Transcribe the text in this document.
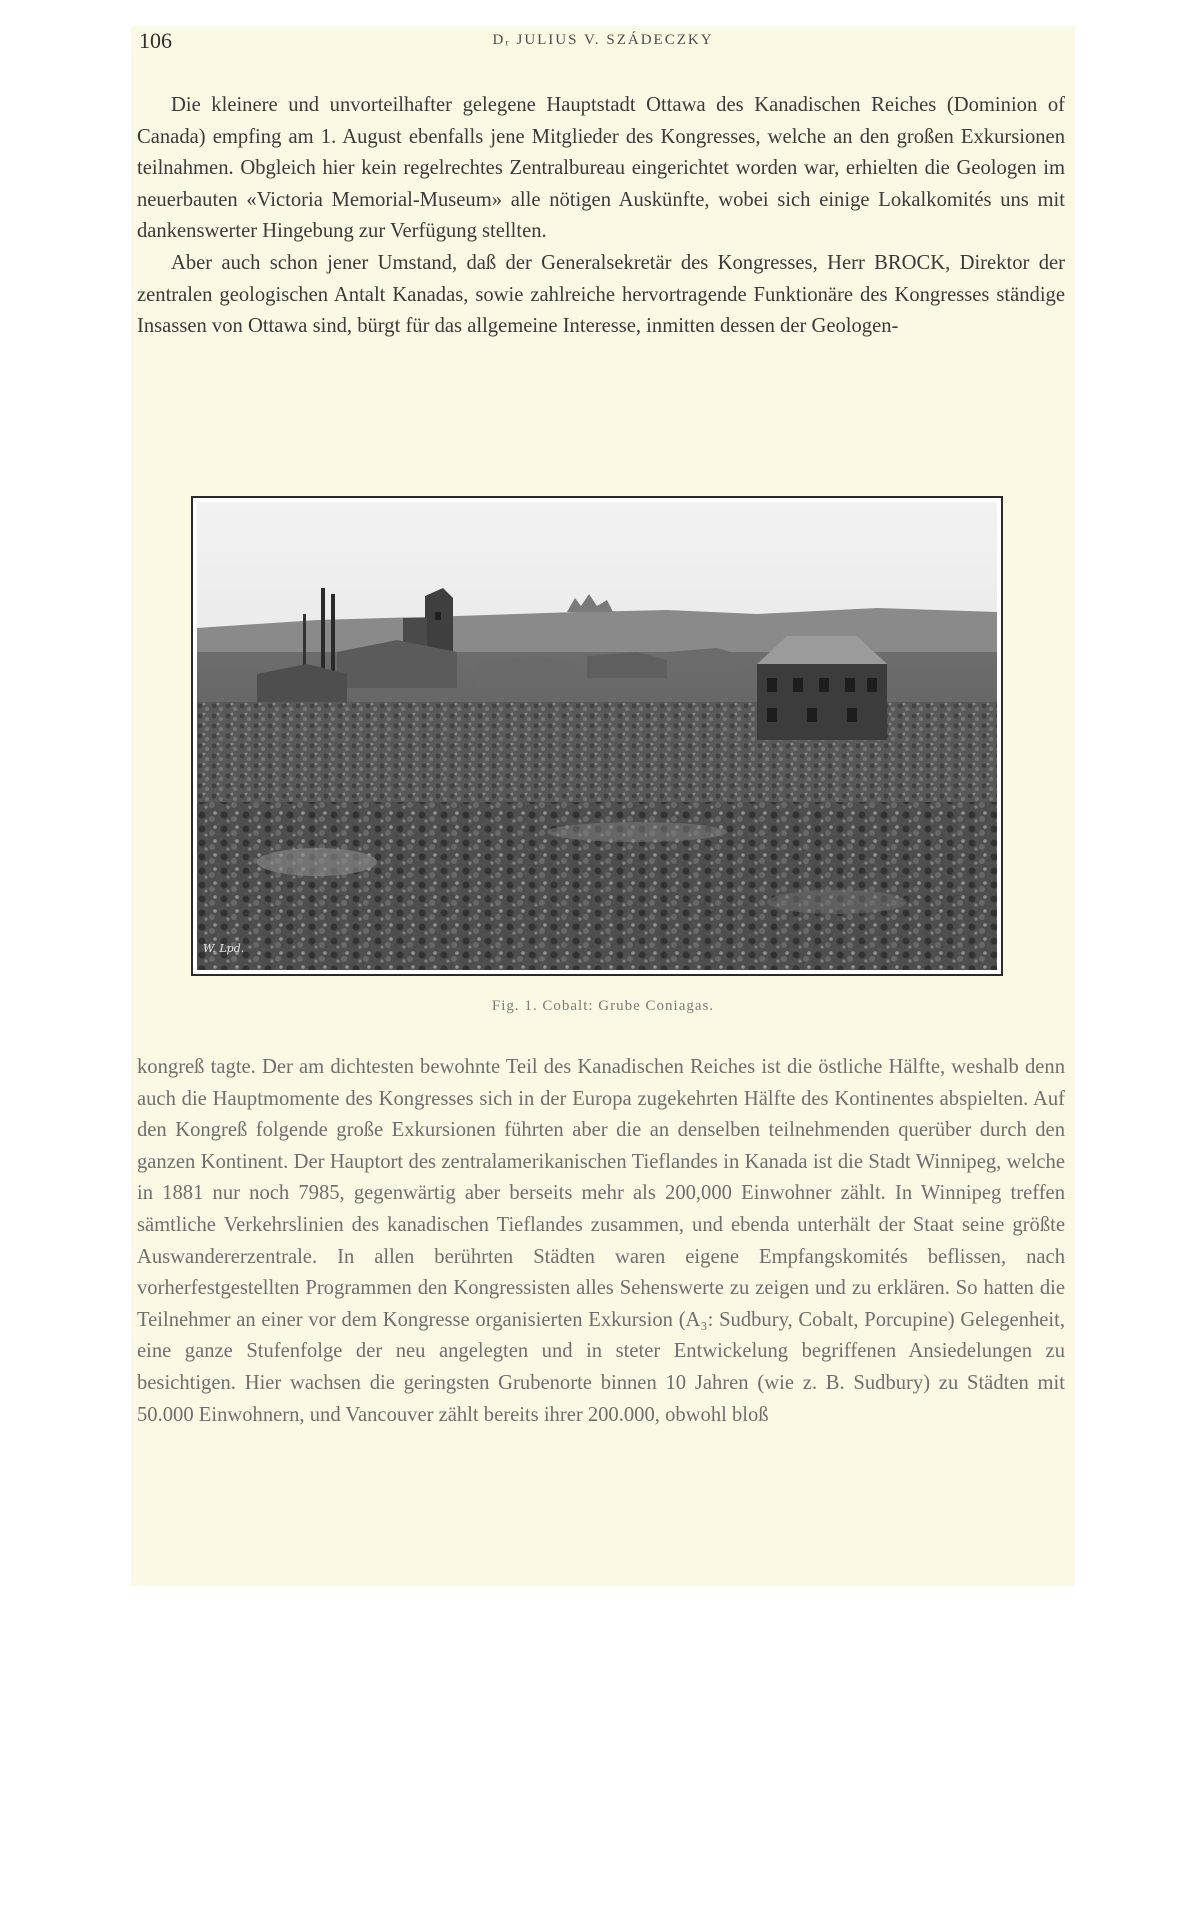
106	Dᵣ JULIUS V. SZÁDECZKY

Die kleinere und unvorteilhafter gelegene Hauptstadt Ottawa des Kanadischen Reiches (Dominion of Canada) empfing am 1. August ebenfalls jene Mitglieder des Kongresses, welche an den großen Exkursionen teilnahmen. Obgleich hier kein regelrechtes Zentralbureau eingerichtet worden war, erhielten die Geologen im neuerbauten «Victoria Memorial-Museum» alle nötigen Auskünfte, wobei sich einige Lokalkomités uns mit dankenswerter Hingebung zur Verfügung stellten.

Aber auch schon jener Umstand, daß der Generalsekretär des Kongresses, Herr BROCK, Direktor der zentralen geologischen Antalt Kanadas, sowie zahlreiche hervortragende Funktionäre des Kongresses ständige Insassen von Ottawa sind, bürgt für das allgemeine Interesse, inmitten dessen der Geologen-

W. Lpd.
Fig. 1. Cobalt: Grube Coniagas.

kongreß tagte. Der am dichtesten bewohnte Teil des Kanadischen Reiches ist die östliche Hälfte, weshalb denn auch die Hauptmomente des Kongresses sich in der Europa zugekehrten Hälfte des Kontinentes abspielten. Auf den Kongreß folgende große Exkursionen führten aber die an denselben teilnehmenden querüber durch den ganzen Kontinent. Der Hauptort des zentralamerikanischen Tieflandes in Kanada ist die Stadt Winnipeg, welche in 1881 nur noch 7985, gegenwärtig aber berseits mehr als 200,000 Einwohner zählt. In Winnipeg treffen sämtliche Verkehrslinien des kanadischen Tieflandes zusammen, und ebenda unterhält der Staat seine größte Auswandererzentrale. In allen berührten Städten waren eigene Empfangskomités beflissen, nach vorherfestgestellten Programmen den Kongressisten alles Sehenswerte zu zeigen und zu erklären. So hatten die Teilnehmer an einer vor dem Kongresse organisierten Exkursion (A₃: Sudbury, Cobalt, Porcupine) Gelegenheit, eine ganze Stufenfolge der neu angelegten und in steter Entwickelung begriffenen Ansiedelungen zu besichtigen. Hier wachsen die geringsten Grubenorte binnen 10 Jahren (wie z. B. Sudbury) zu Städten mit 50.000 Einwohnern, und Vancouver zählt bereits ihrer 200.000, obwohl bloß
